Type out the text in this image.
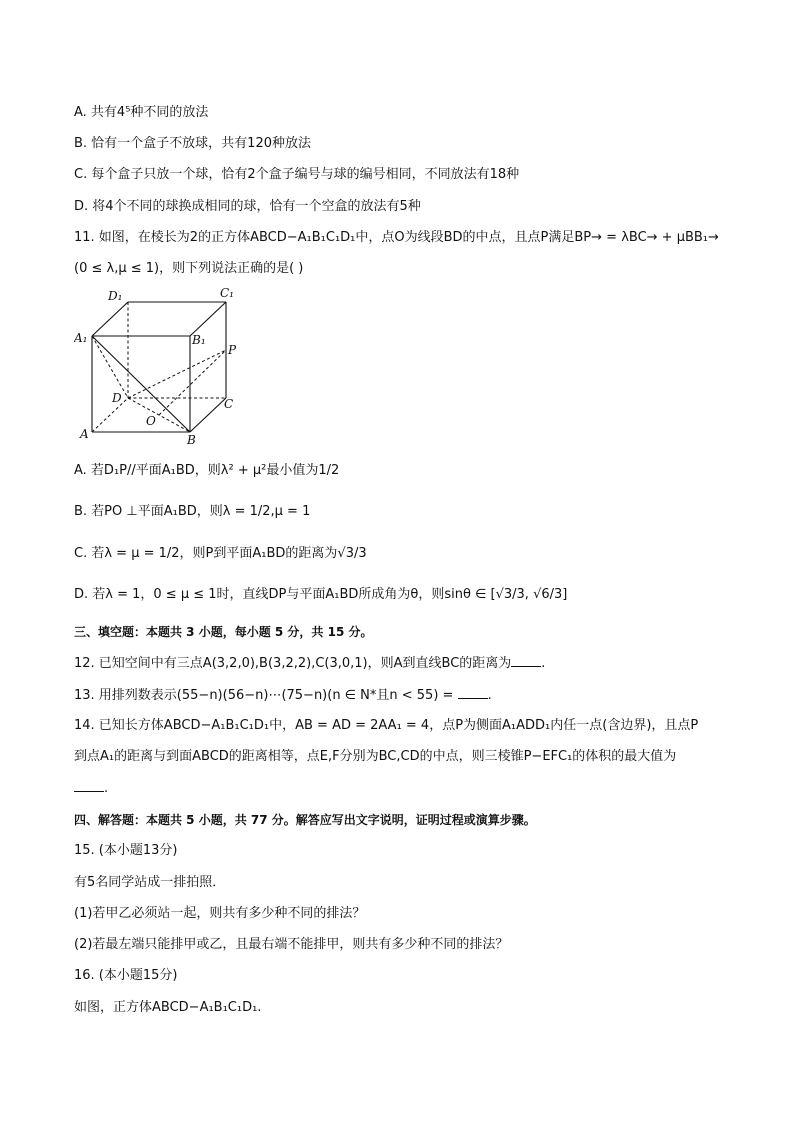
A. 共有4⁵种不同的放法
B. 恰有一个盒子不放球，共有120种放法
C. 每个盒子只放一个球，恰有2个盒子编号与球的编号相同，不同放法有18种
D. 将4个不同的球换成相同的球，恰有一个空盒的放法有5种
11. 如图，在棱长为2的正方体ABCD−A₁B₁C₁D₁中，点O为线段BD的中点，且点P满足BP→ = λBC→ + μBB₁→
(0 ≤ λ,μ ≤ 1)，则下列说法正确的是( )
D₁	C₁
A₁	B₁
P
D	C
O
A	B
A. 若D₁P//平面A₁BD，则λ² + μ²最小值为1/2
B. 若PO ⊥平面A₁BD，则λ = 1/2,μ = 1
C. 若λ = μ = 1/2，则P到平面A₁BD的距离为√3/3
D. 若λ = 1，0 ≤ μ ≤ 1时，直线DP与平面A₁BD所成角为θ，则sinθ ∈ [√3/3, √6/3]
三、填空题：本题共 3 小题，每小题 5 分，共 15 分。
12. 已知空间中有三点A(3,2,0),B(3,2,2),C(3,0,1)，则A到直线BC的距离为 .
13. 用排列数表示(55−n)(56−n)⋯(75−n)(n ∈ N*且n < 55) =	.
14. 已知长方体ABCD−A₁B₁C₁D₁中，AB = AD = 2AA₁ = 4，点P为侧面A₁ADD₁内任一点(含边界)，且点P
到点A₁的距离与到面ABCD的距离相等，点E,F分别为BC,CD的中点，则三棱锥P−EFC₁的体积的最大值为
.
四、解答题：本题共 5 小题，共 77 分。解答应写出文字说明，证明过程或演算步骤。
15. (本小题13分)
有5名同学站成一排拍照．
(1)若甲乙必须站一起，则共有多少种不同的排法？
(2)若最左端只能排甲或乙，且最右端不能排甲，则共有多少种不同的排法？
16. (本小题15分)
如图，正方体ABCD−A₁B₁C₁D₁.
